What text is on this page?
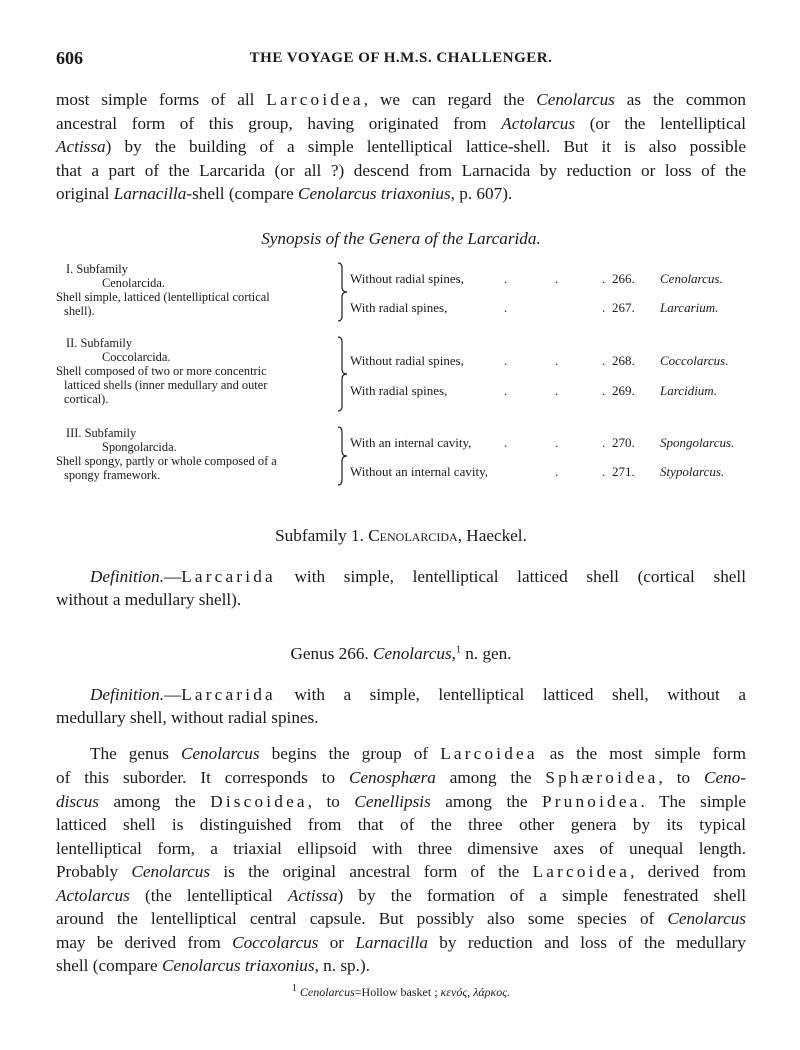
606	THE VOYAGE OF H.M.S. CHALLENGER.
most simple forms of all Larcoidea, we can regard the Cenolarcus as the common
ancestral form of this group, having originated from Actolarcus (or the lentelliptical
Actissa) by the building of a simple lentelliptical lattice-shell. But it is also possible
that a part of the Larcarida (or all ?) descend from Larnacida by reduction or loss of the
original Larnacilla-shell (compare Cenolarcus triaxonius, p. 607).
Synopsis of the Genera of the Larcarida.
I. Subfamily
Cenolarcida.
Shell simple, latticed (lentelliptical cortical
shell).
Without radial spines,	.	.	. 266. Cenolarcus.
With radial spines,	.	. 267. Larcarium.
II. Subfamily
Coccolarcida.
Shell composed of two or more concentric
latticed shells (inner medullary and outer
cortical).
Without radial spines,	.	.	. 268. Coccolarcus.
With radial spines,	.	.	. 269. Larcidium.
III. Subfamily
Spongolarcida.
Shell spongy, partly or whole composed of a
spongy framework.
With an internal cavity,	.	.	. 270. Spongolarcus.
Without an internal cavity,	.	. 271. Stypolarcus.
Subfamily 1. Cenolarcida, Haeckel.
Definition.—Larcarida with simple, lentelliptical latticed shell (cortical shell
without a medullary shell).
Genus 266. Cenolarcus,$^1$ n. gen.
Definition.—Larcarida with a simple, lentelliptical latticed shell, without a
medullary shell, without radial spines.
The genus Cenolarcus begins the group of Larcoidea as the most simple form
of this suborder. It corresponds to Cenosphæra among the Sphæroidea, to Ceno-
discus among the Discoidea, to Cenellipsis among the Prunoidea. The simple
latticed shell is distinguished from that of the three other genera by its typical
lentelliptical form, a triaxial ellipsoid with three dimensive axes of unequal length.
Probably Cenolarcus is the original ancestral form of the Larcoidea, derived from
Actolarcus (the lentelliptical Actissa) by the formation of a simple fenestrated shell
around the lentelliptical central capsule. But possibly also some species of Cenolarcus
may be derived from Coccolarcus or Larnacilla by reduction and loss of the medullary
shell (compare Cenolarcus triaxonius, n. sp.).
$^1$ Cenolarcus=Hollow basket ; κενός, λάρκος.
